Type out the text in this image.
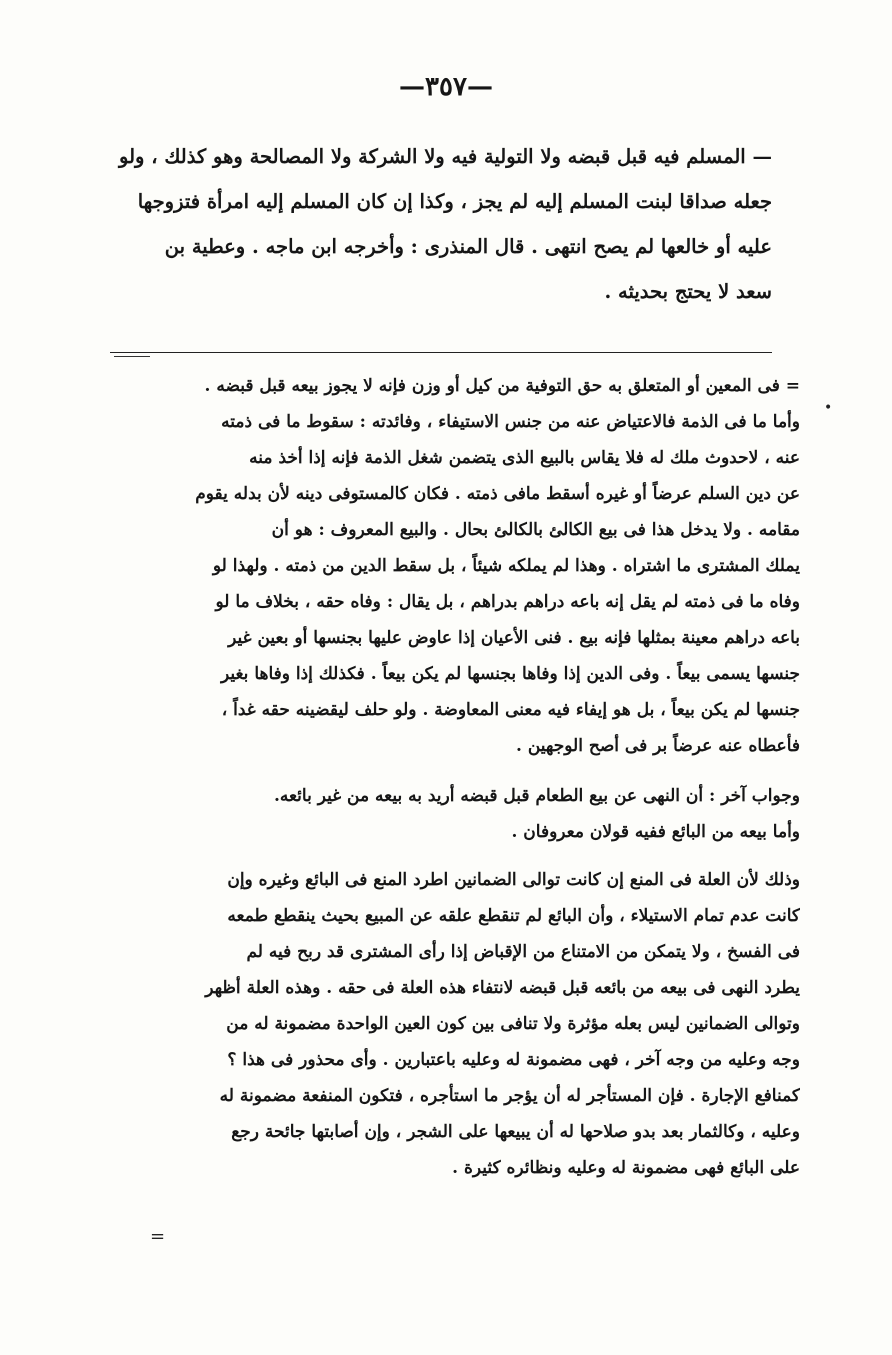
—٣٥٧—
— المسلم فيه قبل قبضه ولا التولية فيه ولا الشركة ولا المصالحة وهو كذلك ، ولو
جعله صداقا لبنت المسلم إليه لم يجز ، وكذا إن كان المسلم إليه امرأة فتزوجها
عليه أو خالعها لم يصح انتهى . قال المنذرى : وأخرجه ابن ماجه . وعطية بن
سعد لا يحتج بحديثه .
= فى المعين أو المتعلق به حق التوفية من كيل أو وزن فإنه لا يجوز بيعه قبل قبضه .
وأما ما فى الذمة فالاعتياض عنه من جنس الاستيفاء ، وفائدته : سقوط ما فى ذمته
عنه ، لاحدوث ملك له فلا يقاس بالبيع الذى يتضمن شغل الذمة فإنه إذا أخذ منه
عن دين السلم عرضاً أو غيره أسقط مافى ذمته . فكان كالمستوفى دينه لأن بدله يقوم
مقامه . ولا يدخل هذا فى بيع الكالئ بالكالئ بحال . والبيع المعروف : هو أن
يملك المشترى ما اشتراه . وهذا لم يملكه شيئاً ، بل سقط الدين من ذمته . ولهذا لو
وفاه ما فى ذمته لم يقل إنه باعه دراهم بدراهم ، بل يقال : وفاه حقه ، بخلاف ما لو
باعه دراهم معينة بمثلها فإنه بيع . فنى الأعيان إذا عاوض عليها بجنسها أو بعين غير
جنسها يسمى بيعاً . وفى الدين إذا وفاها بجنسها لم يكن بيعاً . فكذلك إذا وفاها بغير
جنسها لم يكن بيعاً ، بل هو إيفاء فيه معنى المعاوضة . ولو حلف ليقضينه حقه غداً ،
فأعطاه عنه عرضاً بر فى أصح الوجهين .
وجواب آخر : أن النهى عن بيع الطعام قبل قبضه أريد به بيعه من غير بائعه.
وأما بيعه من البائع ففيه قولان معروفان .
وذلك لأن العلة فى المنع إن كانت توالى الضمانين اطرد المنع فى البائع وغيره وإن
كانت عدم تمام الاستيلاء ، وأن البائع لم تنقطع علقه عن المبيع بحيث ينقطع طمعه
فى الفسخ ، ولا يتمكن من الامتناع من الإقباض إذا رأى المشترى قد ربح فيه لم
يطرد النهى فى بيعه من بائعه قبل قبضه لانتفاء هذه العلة فى حقه . وهذه العلة أظهر
وتوالى الضمانين ليس بعله مؤثرة ولا تنافى بين كون العين الواحدة مضمونة له من
وجه وعليه من وجه آخر ، فهى مضمونة له وعليه باعتبارين . وأى محذور فى هذا ؟
كمنافع الإجارة . فإن المستأجر له أن يؤجر ما استأجره ، فتكون المنفعة مضمونة له
وعليه ، وكالثمار بعد بدو صلاحها له أن يبيعها على الشجر ، وإن أصابتها جائحة رجع
على البائع فهى مضمونة له وعليه ونظائره كثيرة .
•
=
